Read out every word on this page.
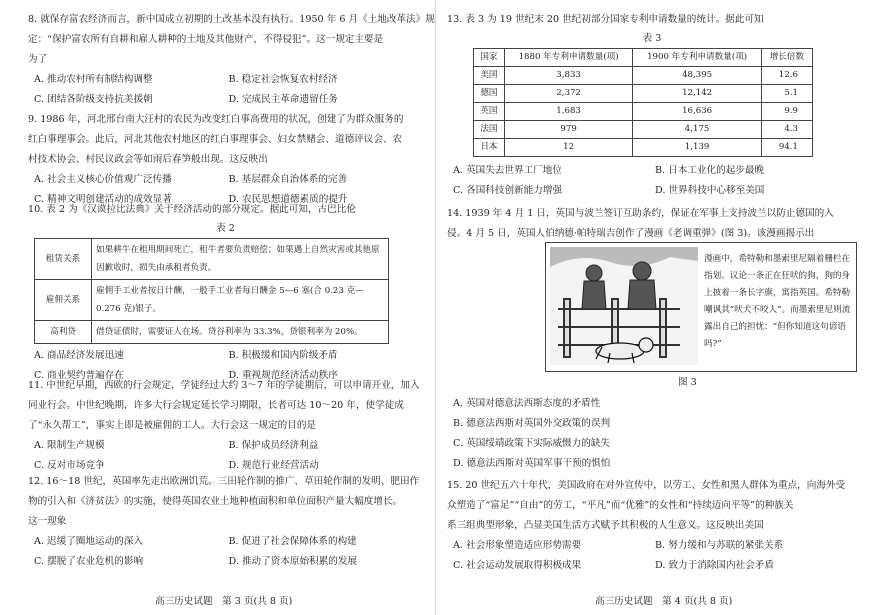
8. 就保存富农经济而言，新中国成立初期的土改基本没有执行。1950 年 6 月《土地改革法》规

定：“保护富农所有自耕和雇人耕种的土地及其他财产，不得侵犯”。这一规定主要是

为了

A. 推动农村所有制结构调整	B. 稳定社会恢复农村经济
C. 团结各阶级支持抗美援朝	D. 完成民主革命遗留任务

9. 1986 年，河北邢台南大汪村的农民为改变红白事高费用的状况，创建了为群众服务的

红白事理事会。此后，河北其他农村地区的红白事理事会、妇女禁赌会、道德评议会、农

村技术协会、村民议政会等如雨后春笋般出现。这反映出

A. 社会主义核心价值观广泛传播	B. 基层群众自治体系的完善
C. 精神文明创建活动的成效显著	D. 农民思想道德素质的提升

10. 表 2 为《汉谟拉比法典》关于经济活动的部分规定。据此可知，古巴比伦

表 2
租赁关系	如果耕牛在租用期间死亡，租牛者要负责赔偿；如果遇上自然灾害或其他原因歉收时，损失由承租者负责。
雇佣关系	雇佣手工业者按日计酬，一般手工业者每日酬金 5—6 塞(合 0.23 克—0.276 克)银子。
高利贷	借贷证债时，需要证人在场。贷谷利率为 33.3%，贷银利率为 20%。
A. 商品经济发展迅速	B. 积极缓和国内阶级矛盾
C. 商业契约普遍存在	D. 重视规范经济活动秩序

11. 中世纪早期，西欧的行会规定，学徒经过大约 3～7 年的学徒期后，可以申请开业，加入

同业行会。中世纪晚期，许多大行会规定延长学习期限，长者可达 10～20 年，使学徒成

了“永久帮工”，事实上即是被雇佣的工人。大行会这一规定的目的是

A. 限制生产规模	B. 保护成员经济利益
C. 反对市场竞争	D. 规范行业经营活动

12. 16～18 世纪，英国率先走出欧洲饥荒。三田轮作制的推广、草田轮作制的发明、肥田作

物的引入和《济贫法》的实施，使得英国农业土地种植面积和单位面积产量大幅度增长。

这一现象

A. 迟缓了圈地运动的深入	B. 促进了社会保障体系的构建
C. 摆脱了农业危机的影响	D. 推动了资本原始积累的发展
高三历史试题　第 3 页(共 8 页)

13. 表 3 为 19 世纪末 20 世纪初部分国家专利申请数量的统计。据此可知

表 3
国家	1880 年专利申请数量(项)	1900 年专利申请数量(项)	增长倍数
美国	3,833	48,395	12.6
德国	2,372	12,142	5.1
英国	1,683	16,636	9.9
法国	979	4,175	4.3
日本	12	1,139	94.1
A. 英国失去世界工厂地位	B. 日本工业化的起步最晚
C. 各国科技创新能力增强	D. 世界科技中心移至美国

14. 1939 年 4 月 1 日，英国与波兰签订互助条约，保证在军事上支持波兰以防止德国的入

侵。4 月 5 日，英国人伯纳德·帕特瑞吉创作了漫画《老调重弹》(图 3)。该漫画揭示出

漫画中，希特勒和墨索里尼隔着栅栏在指划、议论一条正在狂吠的狗，狗的身上披着一条长字旗，寓指英国。希特勒嘲讽其“吠犬不咬人”。而墨索里尼则流露出自己的担忧：“但你知道这句谚语吗?”
图 3
A. 英国对德意法西斯态度的矛盾性
B. 德意法西斯对英国外交政策的误判
C. 英国绥靖政策下实际威慑力的缺失
D. 德意法西斯对英国军事干预的惧怕

15. 20 世纪五六十年代，美国政府在对外宣传中，以劳工、女性和黑人群体为重点，向海外受

众塑造了“富足”“自由”的劳工，“平凡”而“优雅”的女性和“持续迈向平等”的种族关

系三组典型形象，凸显美国生活方式赋予其积极的人生意义。这反映出美国

A. 社会形象塑造适应形势需要	B. 努力缓和与苏联的紧张关系
C. 社会运动发展取得积极成果	D. 致力于消除国内社会矛盾
高三历史试题　第 4 页(共 8 页)
